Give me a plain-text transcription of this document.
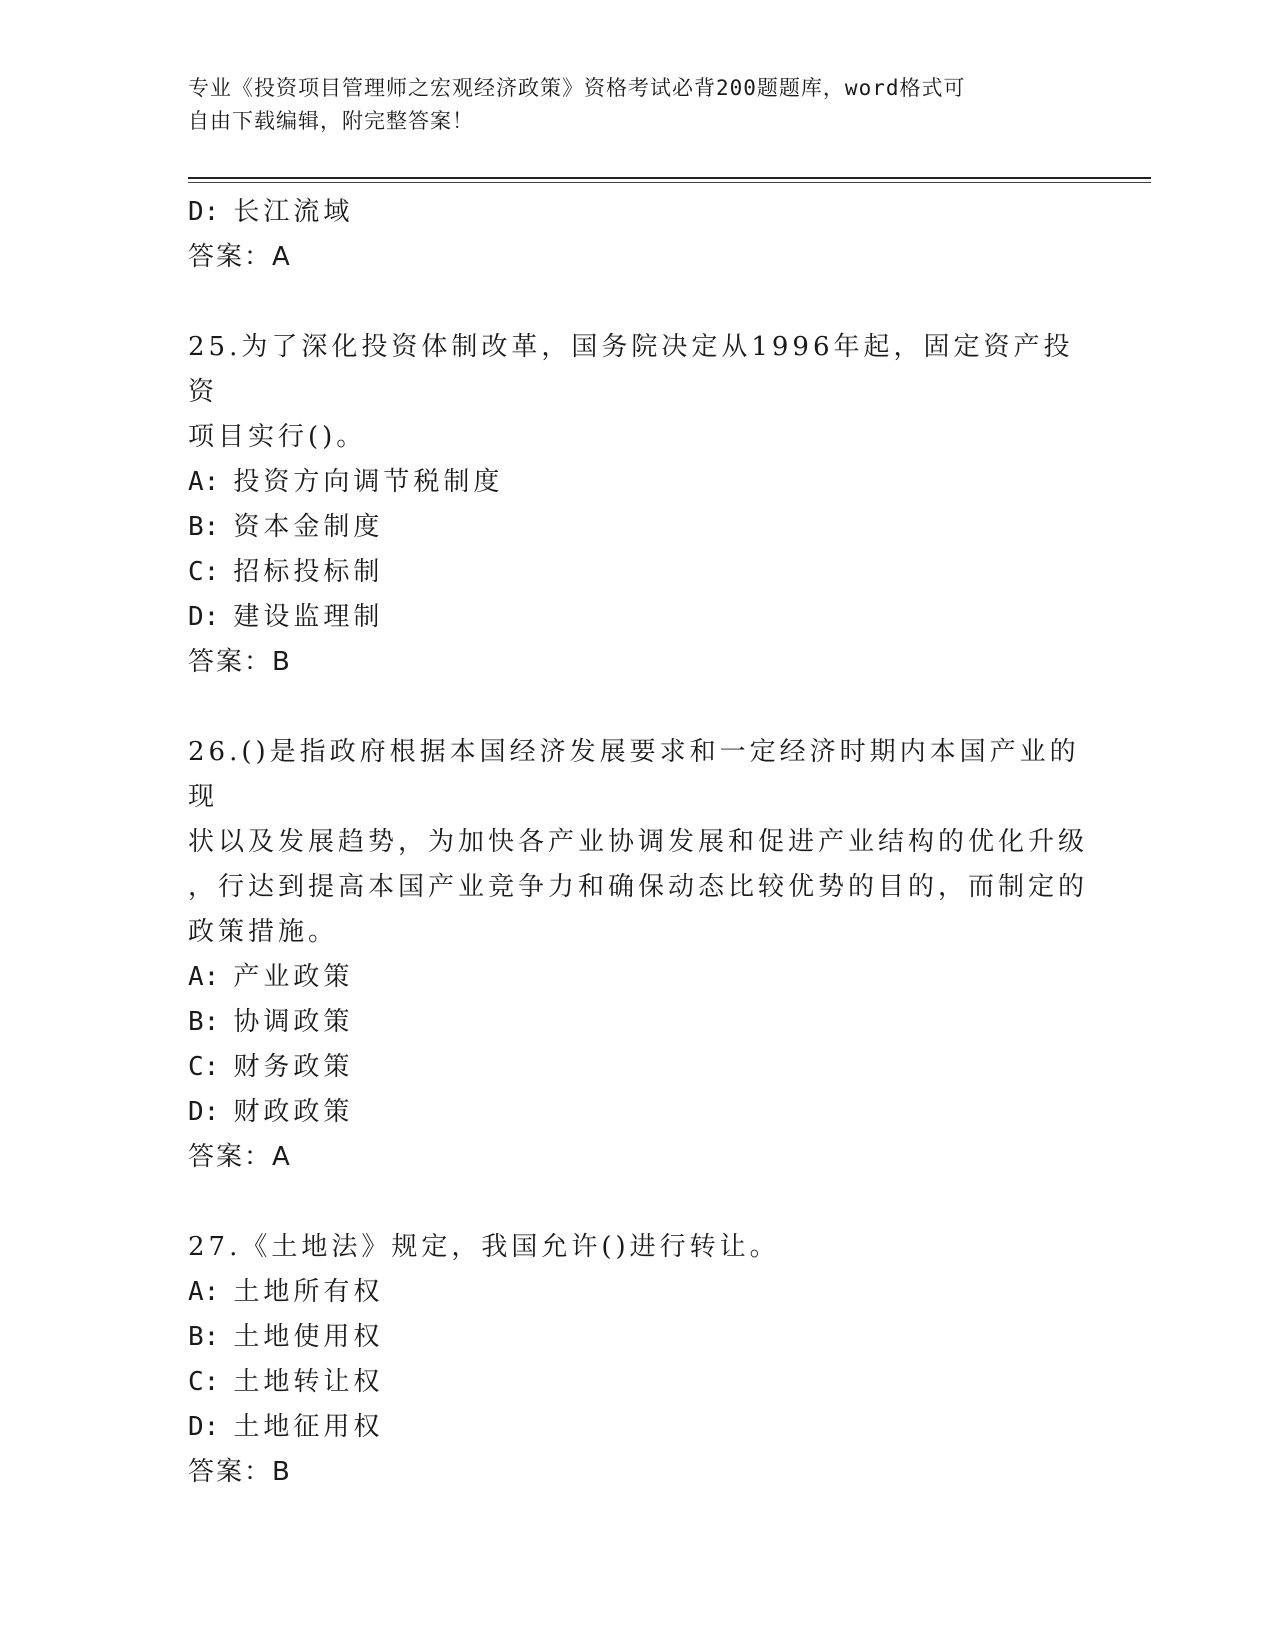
专业《投资项目管理师之宏观经济政策》资格考试必背200题题库，word格式可
自由下载编辑，附完整答案！
D: 长江流域
答案：A
25.为了深化投资体制改革，国务院决定从1996年起，固定资产投资
项目实行()。
A: 投资方向调节税制度
B: 资本金制度
C: 招标投标制
D: 建设监理制
答案：B
26.()是指政府根据本国经济发展要求和一定经济时期内本国产业的现
状以及发展趋势，为加快各产业协调发展和促进产业结构的优化升级
，行达到提高本国产业竞争力和确保动态比较优势的目的，而制定的
政策措施。
A: 产业政策
B: 协调政策
C: 财务政策
D: 财政政策
答案：A
27.《土地法》规定，我国允许()进行转让。
A: 土地所有权
B: 土地使用权
C: 土地转让权
D: 土地征用权
答案：B
